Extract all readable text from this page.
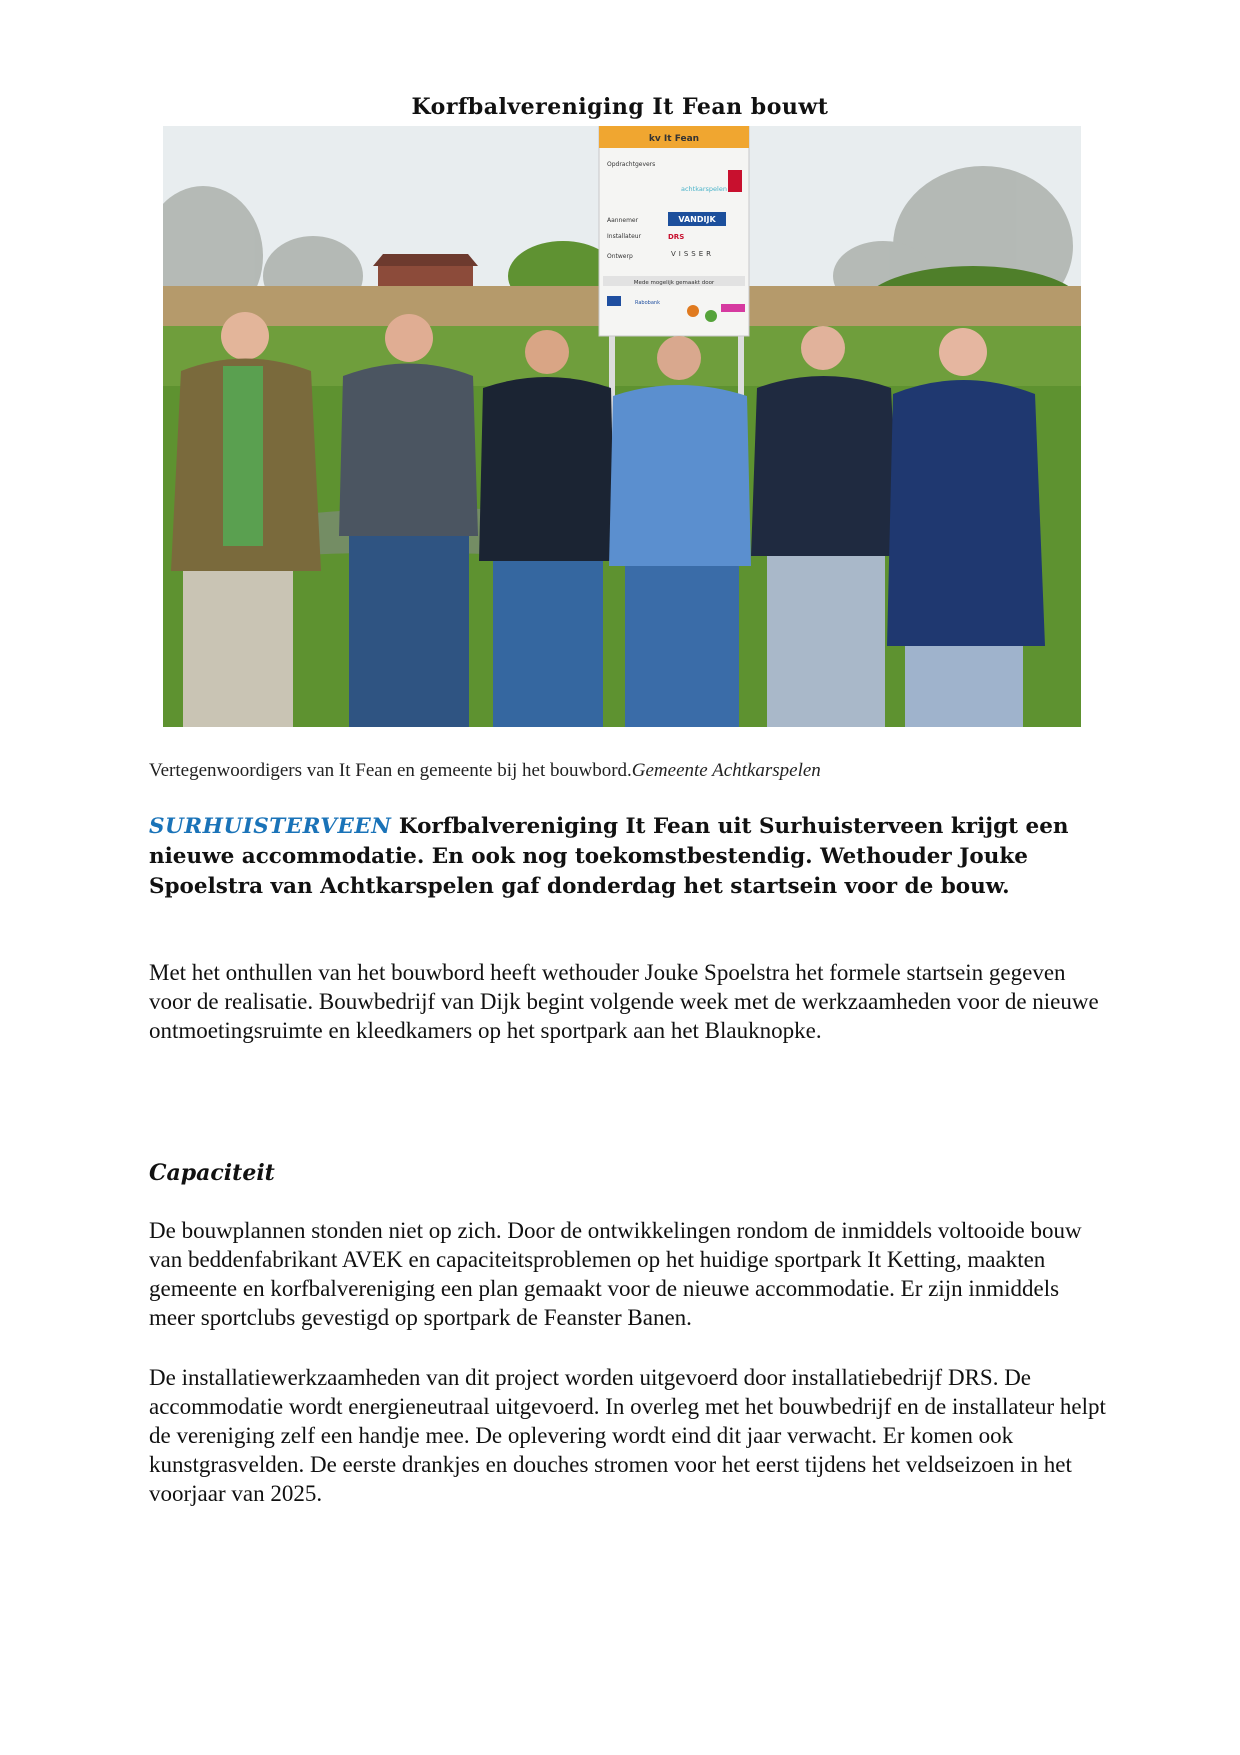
Korfbalvereniging It Fean bouwt
kv It Fean
Opdrachtgevers
achtkarspelen
Aannemer	VANDIJK
Installateur	DRS
Ontwerp	VISSER
Mede mogelijk gemaakt door
Rabobank
Vertegenwoordigers van It Fean en gemeente bij het bouwbord.Gemeente Achtkarspelen
SURHUISTERVEEN Korfbalvereniging It Fean uit Surhuisterveen krijgt een nieuwe accommodatie. En ook nog toekomstbestendig. Wethouder Jouke Spoelstra van Achtkarspelen gaf donderdag het startsein voor de bouw.
Met het onthullen van het bouwbord heeft wethouder Jouke Spoelstra het formele startsein gegeven voor de realisatie. Bouwbedrijf van Dijk begint volgende week met de werkzaamheden voor de nieuwe ontmoetingsruimte en kleedkamers op het sportpark aan het Blauknopke.
Capaciteit
De bouwplannen stonden niet op zich. Door de ontwikkelingen rondom de inmiddels voltooide bouw van beddenfabrikant AVEK en capaciteitsproblemen op het huidige sportpark It Ketting, maakten gemeente en korfbalvereniging een plan gemaakt voor de nieuwe accommodatie. Er zijn inmiddels meer sportclubs gevestigd op sportpark de Feanster Banen.
De installatiewerkzaamheden van dit project worden uitgevoerd door installatiebedrijf DRS. De accommodatie wordt energieneutraal uitgevoerd. In overleg met het bouwbedrijf en de installateur helpt de vereniging zelf een handje mee. De oplevering wordt eind dit jaar verwacht. Er komen ook kunstgrasvelden. De eerste drankjes en douches stromen voor het eerst tijdens het veldseizoen in het voorjaar van 2025.
